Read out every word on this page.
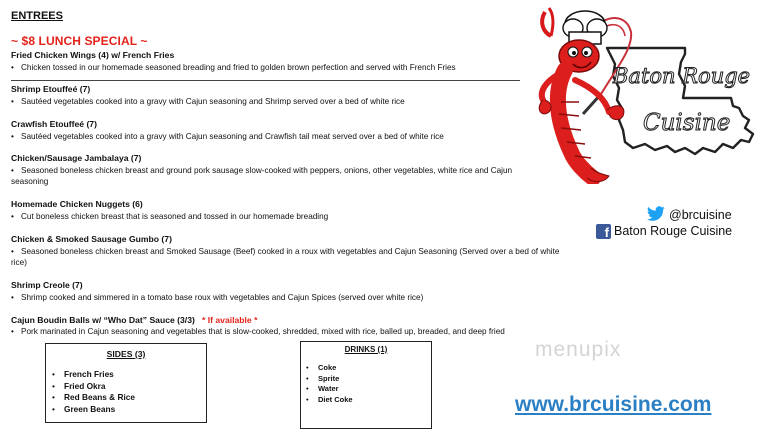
ENTREES
~ $8 LUNCH SPECIAL ~
Fried Chicken Wings (4) w/ French Fries
• Chicken tossed in our homemade seasoned breading and fried to golden brown perfection and served with French Fries
Shrimp Etouffeé (7)
• Sautéed vegetables cooked into a gravy with Cajun seasoning and Shrimp served over a bed of white rice
Crawfish Etouffeé (7)
• Sautéed vegetables cooked into a gravy with Cajun seasoning and Crawfish tail meat served over a bed of white rice
Chicken/Sausage Jambalaya (7)
• Seasoned boneless chicken breast and ground pork sausage slow-cooked with peppers, onions, other vegetables, white rice and Cajun seasoning
Homemade Chicken Nuggets (6)
• Cut boneless chicken breast that is seasoned and tossed in our homemade breading
Chicken & Smoked Sausage Gumbo (7)
• Seasoned boneless chicken breast and Smoked Sausage (Beef) cooked in a roux with vegetables and Cajun Seasoning (Served over a bed of white rice)
Shrimp Creole (7)
• Shrimp cooked and simmered in a tomato base roux with vegetables and Cajun Spices (served over white rice)
Cajun Boudin Balls w/ “Who Dat” Sauce (3/3) * If available *
• Pork marinated in Cajun seasoning and vegetables that is slow-cooked, shredded, mixed with rice, balled up, breaded, and deep fried
SIDES (3)
• French Fries
• Fried Okra
• Red Beans & Rice
• Green Beans
DRINKS (1)
• Coke
• Sprite
• Water
• Diet Coke
Baton Rouge
Cuisine
@brcuisine
f Baton Rouge Cuisine
menupix
www.brcuisine.com
